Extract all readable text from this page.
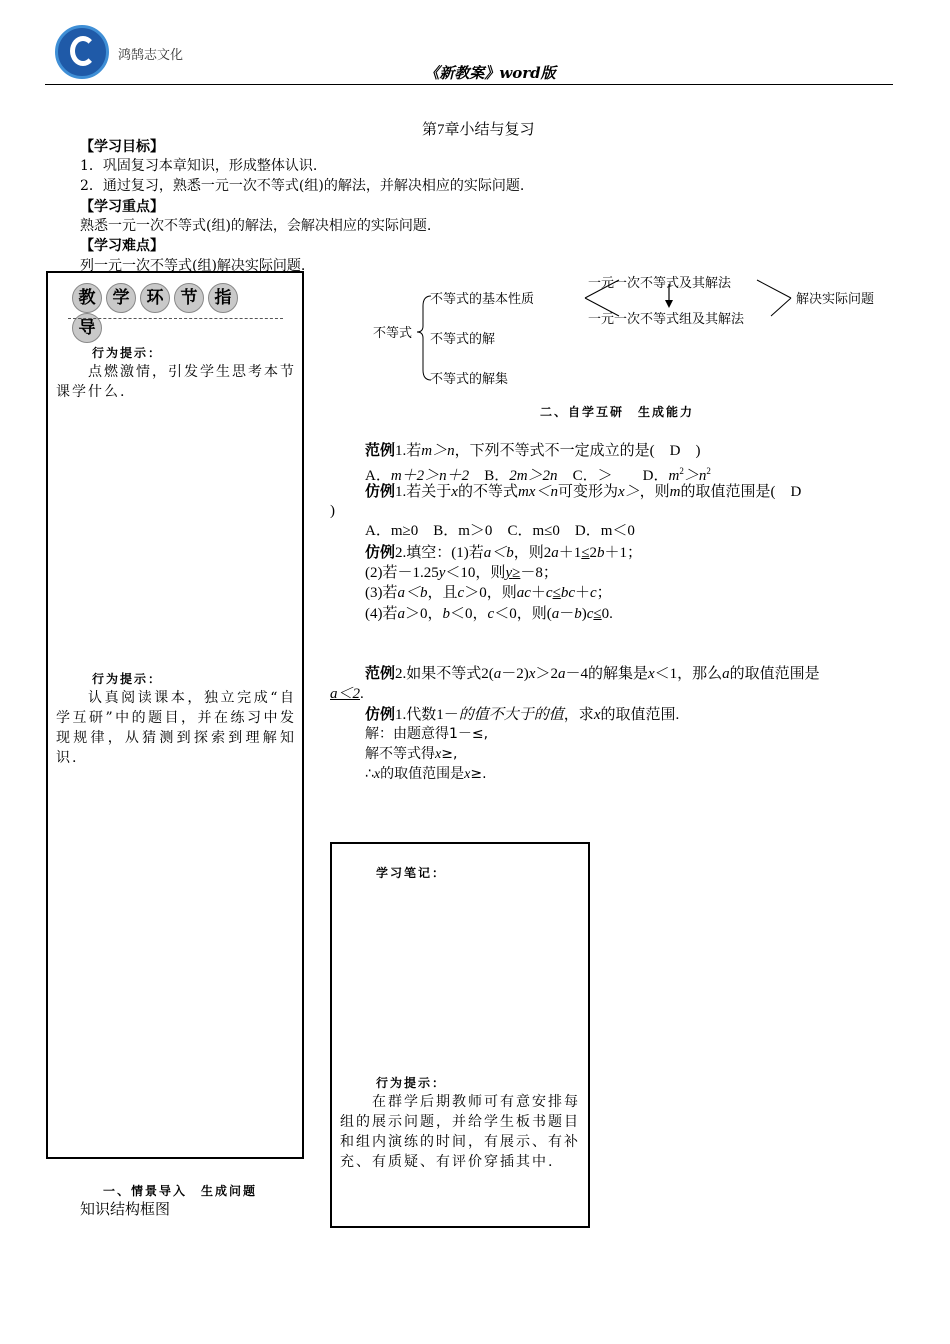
鸿鹄志文化
《新教案》word版
第7章小结与复习
【学习目标】
1．巩固复习本章知识，形成整体认识.
2．通过复习，熟悉一元一次不等式(组)的解法，并解决相应的实际问题.
【学习重点】
熟悉一元一次不等式(组)的解法，会解决相应的实际问题.
【学习难点】
列一元一次不等式(组)解决实际问题.
教 学 环 节 指导
行为提示：
点燃激情，引发学生思考本节课学什么.
行为提示：
认真阅读课本，独立完成“自学互研”中的题目，并在练习中发现规律，从猜测到探索到理解知识.
一、情景导入　生成问题
知识结构框图
不等式
不等式的基本性质
不等式的解
不等式的解集
一元一次不等式及其解法
一元一次不等式组及其解法
解决实际问题
二、自学互研　生成能力
范例1.若m＞n，下列不等式不一定成立的是(　D　)
A．m＋2＞n＋2　 B．2m＞2n　 C．＞　　 D．$m^2>n^2$
仿例1.若关于x的不等式mx＜n可变形为x＞，则m的取值范围是(　D
)
A．m≥0　 B．m＞0　 C．m≤0　 D．m＜0
仿例2.填空：(1)若a＜b，则2a＋1≤2b＋1；
(2)若－1.25y＜10，则y≥－8；
(3)若a＜b，且c＞0，则ac＋c≤bc＋c；
(4)若a＞0，b＜0，c＜0，则(a－b)c≤0.
范例2.如果不等式2(a－2)x＞2a－4的解集是x＜1，那么a的取值范围是
a＜2.
仿例1.代数1－的值不大于的值，求x的取值范围.
解：由题意得1－≤,
解不等式得x≥,
∴x的取值范围是x≥.
学习笔记：
行为提示：
在群学后期教师可有意安排每组的展示问题，并给学生板书题目和组内演练的时间，有展示、有补充、有质疑、有评价穿插其中.
